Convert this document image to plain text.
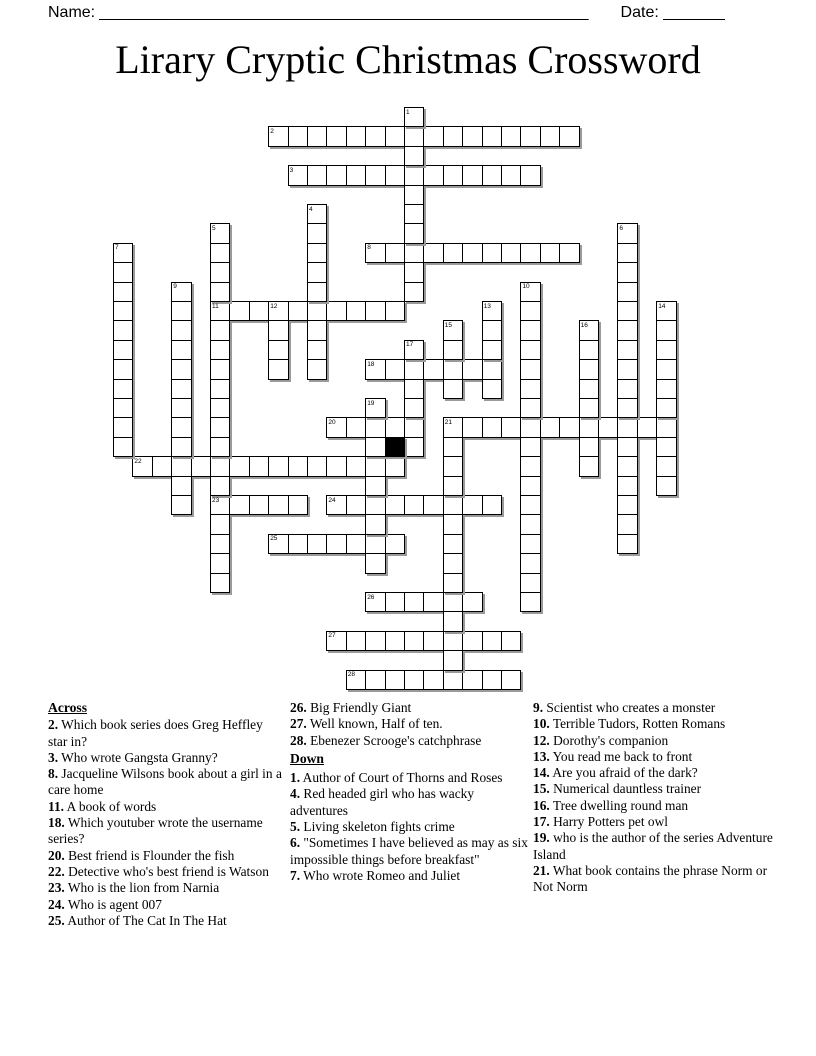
Name: _______________________________________________________ Date: _______
Lirary Cryptic Christmas Crossword
1
2
3
4
5	6
7	8
9	10
11	12	13	14
15	16
17
18
19
20	21
22
23	24
25
26
27
28
Across

2. Which book series does Greg Heffley star in?

3. Who wrote Gangsta Granny?

8. Jacqueline Wilsons book about a girl in a care home

11. A book of words

18. Which youtuber wrote the username series?

20. Best friend is Flounder the fish

22. Detective who's best friend is Watson

23. Who is the lion from Narnia

24. Who is agent 007

25. Author of The Cat In The Hat

26. Big Friendly Giant

27. Well known, Half of ten.

28. Ebenezer Scrooge's catchphrase

Down

1. Author of Court of Thorns and Roses

4. Red headed girl who has wacky adventures

5. Living skeleton fights crime

6. "Sometimes I have believed as may as six impossible things before breakfast"

7. Who wrote Romeo and Juliet

9. Scientist who creates a monster

10. Terrible Tudors, Rotten Romans

12. Dorothy's companion

13. You read me back to front

14. Are you afraid of the dark?

15. Numerical dauntless trainer

16. Tree dwelling round man

17. Harry Potters pet owl

19. who is the author of the series Adventure Island

21. What book contains the phrase Norm or Not Norm
